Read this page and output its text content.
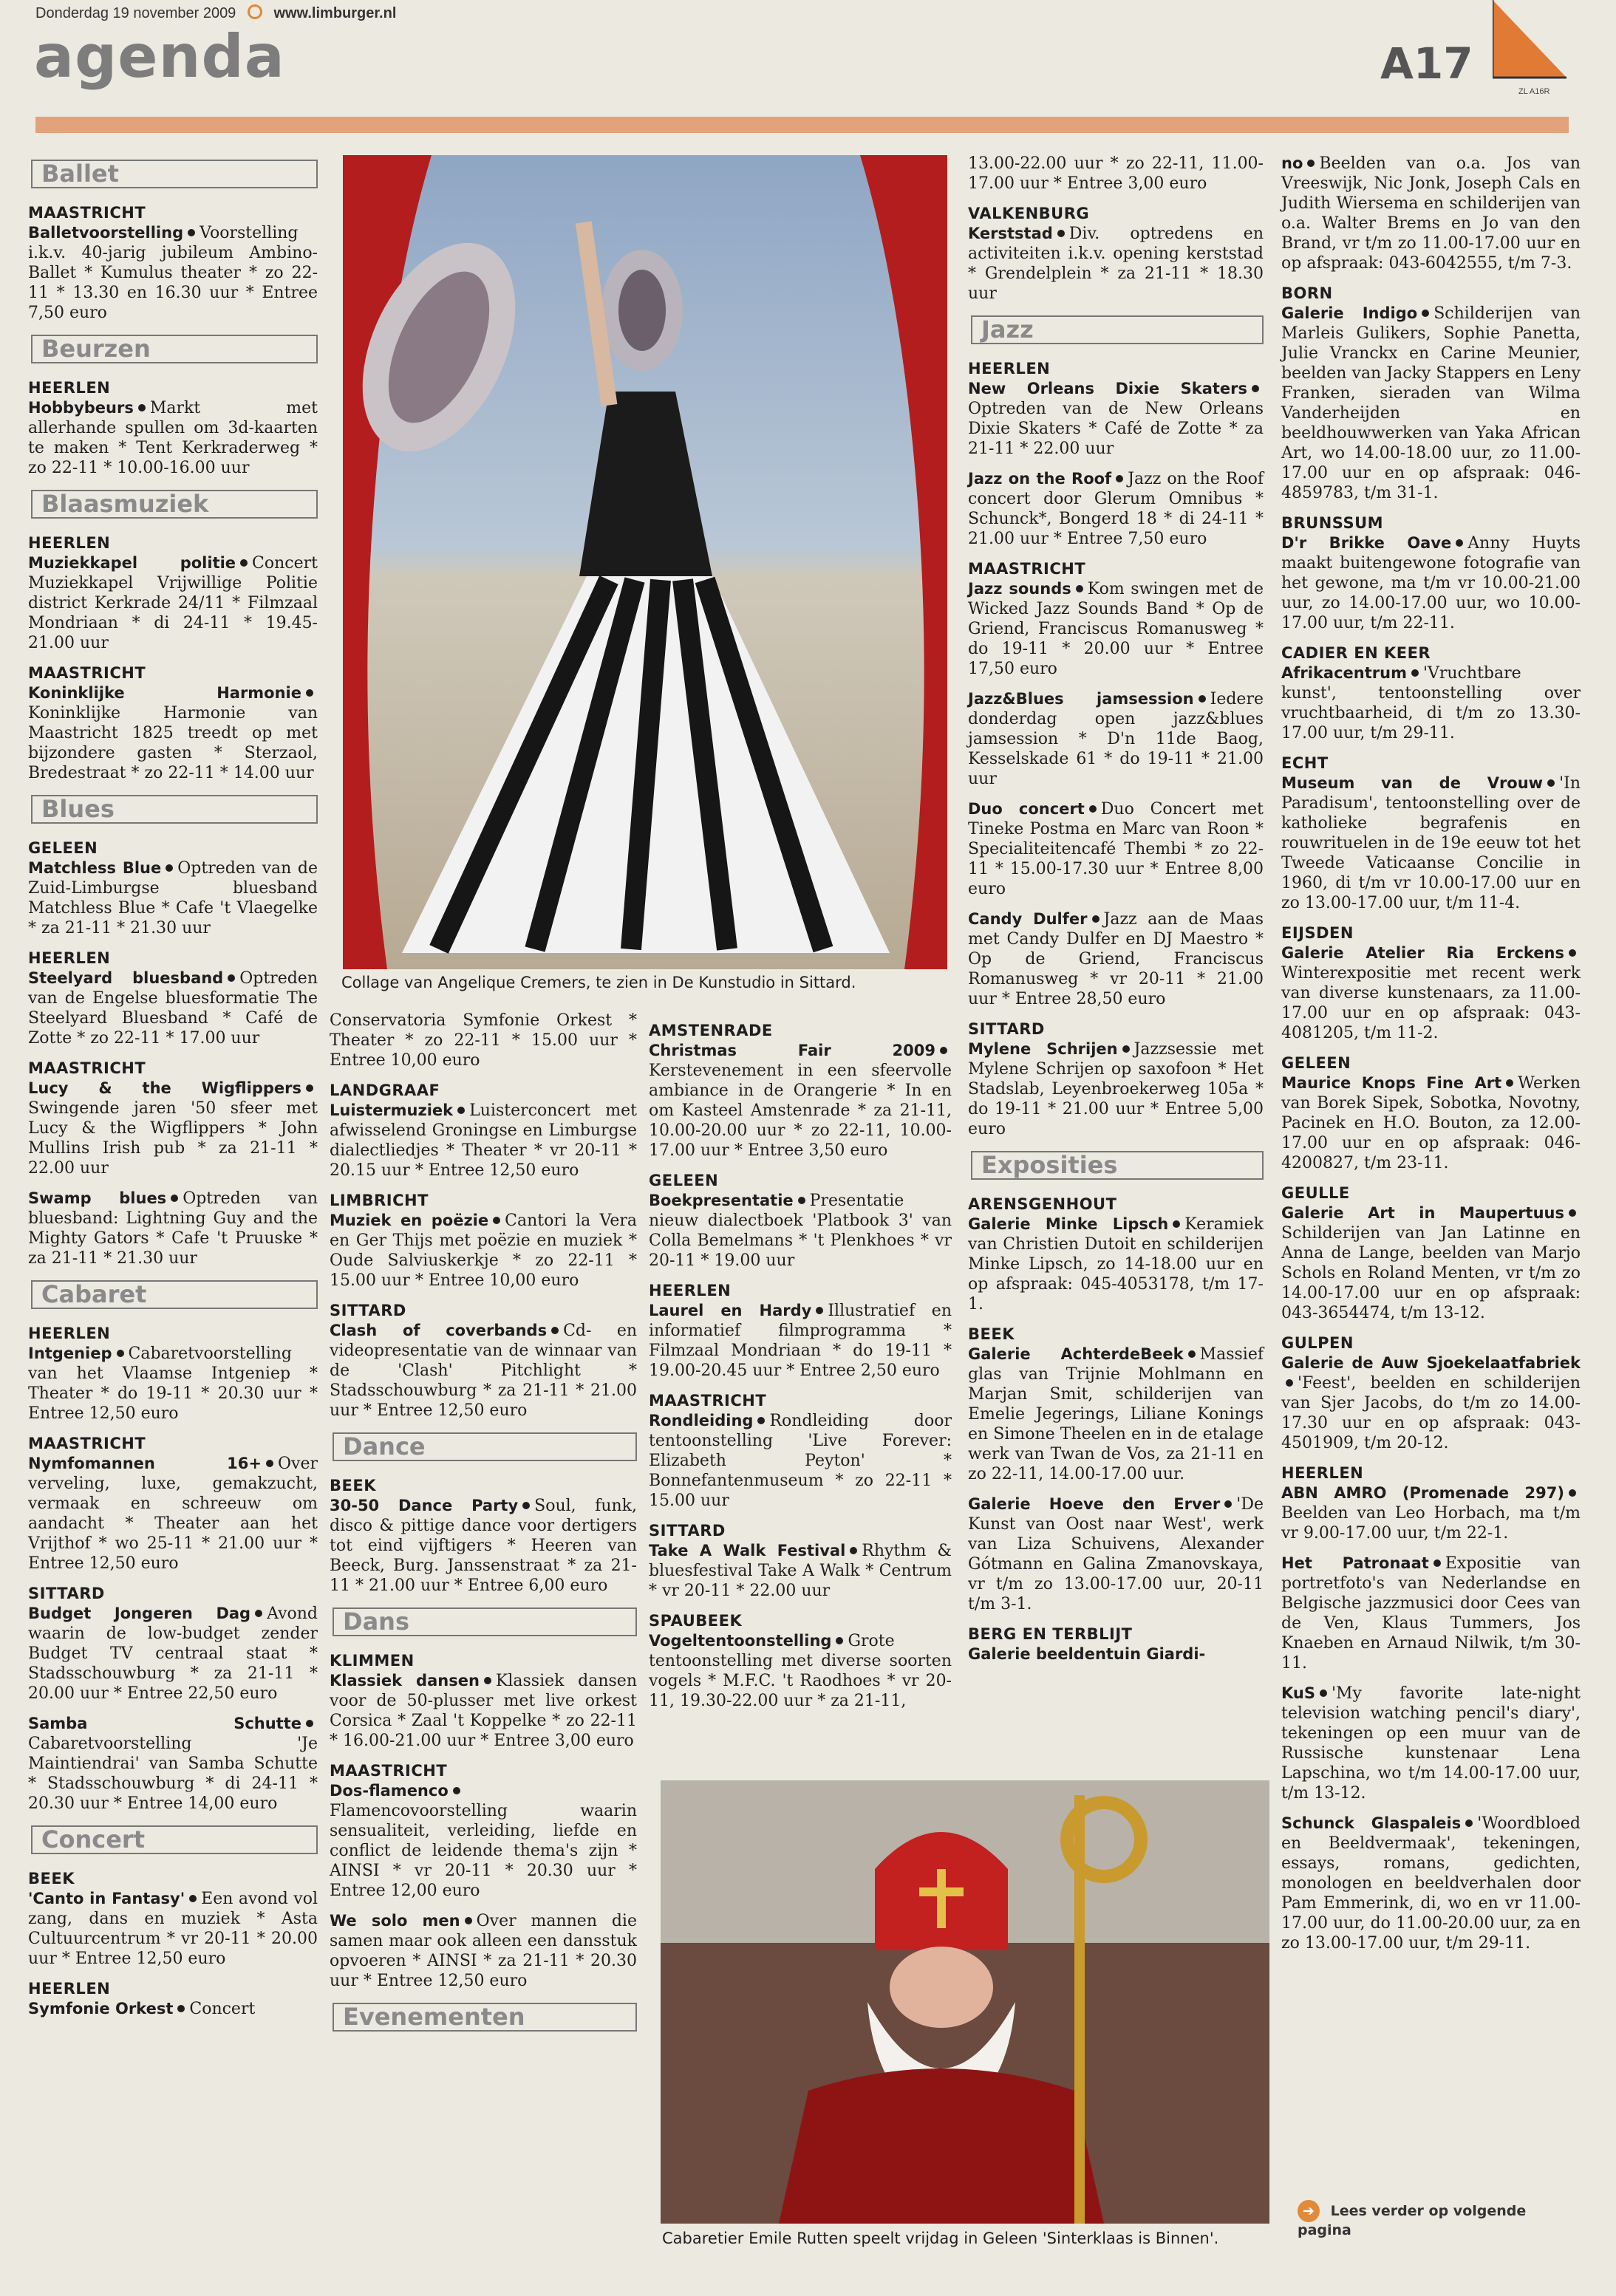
Donderdag 19 november 2009	www.limburger.nl
agenda	A17
ZL A16R
Ballet
MAASTRICHT
Balletvoorstelling Voorstelling i.k.v. 40-jarig jubileum Ambino-Ballet * Kumulus theater * zo 22-11 * 13.30 en 16.30 uur * Entree 7,50 euro
Beurzen
HEERLEN
Hobbybeurs Markt met allerhande spullen om 3d-kaarten te maken * Tent Kerkraderweg * zo 22-11 * 10.00-16.00 uur
Blaasmuziek
HEERLEN
Muziekkapel politie Concert Muziekkapel Vrijwillige Politie district Kerkrade 24/11 * Filmzaal Mondriaan * di 24-11 * 19.45-21.00 uur
MAASTRICHT
Koninklijke HarmonieKoninklijke Harmonie van Maastricht 1825 treedt op met bijzondere gasten * Sterzaol, Bredestraat * zo 22-11 * 14.00 uur
Blues
GELEEN
Matchless Blue Optreden van de Zuid-Limburgse bluesband Matchless Blue * Cafe 't Vlaegelke * za 21-11 * 21.30 uur
HEERLEN
Steelyard bluesband Optreden van de Engelse bluesformatie The Steelyard Bluesband * Café de Zotte * zo 22-11 * 17.00 uur
MAASTRICHT
Lucy & the WigflippersSwingende jaren '50 sfeer met Lucy & the Wigflippers * John Mullins Irish pub * za 21-11 * 22.00 uur
Swamp blues Optreden van bluesband: Lightning Guy and the Mighty Gators * Cafe 't Pruuske * za 21-11 * 21.30 uur
Cabaret
HEERLEN
Intgeniep Cabaretvoorstelling van het Vlaamse Intgeniep * Theater * do 19-11 * 20.30 uur * Entree 12,50 euro
MAASTRICHT
Nymfomannen 16+ Over verveling, luxe, gemakzucht, vermaak en schreeuw om aandacht * Theater aan het Vrijthof * wo 25-11 * 21.00 uur * Entree 12,50 euro
SITTARD
Budget Jongeren Dag Avond waarin de low-budget zender Budget TV centraal staat * Stadsschouwburg * za 21-11 * 20.00 uur * Entree 22,50 euro
Samba SchutteCabaretvoorstelling 'Je Maintiendrai' van Samba Schutte * Stadsschouwburg * di 24-11 * 20.30 uur * Entree 14,00 euro
Concert
BEEK
'Canto in Fantasy' Een avond vol zang, dans en muziek * Asta Cultuurcentrum * vr 20-11 * 20.00 uur * Entree 12,50 euro
HEERLEN
Symfonie Orkest Concert
Collage van Angelique Cremers, te zien in De Kunstudio in Sittard.
Conservatoria Symfonie Orkest * Theater * zo 22-11 * 15.00 uur * Entree 10,00 euro
LANDGRAAF
Luistermuziek Luisterconcert met afwisselend Groningse en Limburgse dialectliedjes * Theater * vr 20-11 * 20.15 uur * Entree 12,50 euro
LIMBRICHT
Muziek en poëzie Cantori la Vera en Ger Thijs met poëzie en muziek * Oude Salviuskerkje * zo 22-11 * 15.00 uur * Entree 10,00 euro
SITTARD
Clash of coverbands Cd- en videopresentatie van de winnaar van de 'Clash' Pitchlight * Stadsschouwburg * za 21-11 * 21.00 uur * Entree 12,50 euro
Dance
BEEK
30-50 Dance Party Soul, funk, disco & pittige dance voor dertigers tot eind vijftigers * Heeren van Beeck, Burg. Janssenstraat * za 21-11 * 21.00 uur * Entree 6,00 euro
Dans
KLIMMEN
Klassiek dansen Klassiek dansen voor de 50-plusser met live orkest Corsica * Zaal 't Koppelke * zo 22-11 * 16.00-21.00 uur * Entree 3,00 euro
MAASTRICHT
Dos-flamencoFlamencovoorstelling waarin sensualiteit, verleiding, liefde en conflict de leidende thema's zijn * AINSI * vr 20-11 * 20.30 uur * Entree 12,00 euro
We solo men Over mannen die samen maar ook alleen een dansstuk opvoeren * AINSI * za 21-11 * 20.30 uur * Entree 12,50 euro
Evenementen
AMSTENRADE
Christmas Fair 2009Kerstevenement in een sfeervolle ambiance in de Orangerie * In en om Kasteel Amstenrade * za 21-11, 10.00-20.00 uur * zo 22-11, 10.00-17.00 uur * Entree 3,50 euro
GELEEN
Boekpresentatie Presentatie nieuw dialectboek 'Platbook 3' van Colla Bemelmans * 't Plenkhoes * vr 20-11 * 19.00 uur
HEERLEN
Laurel en Hardy Illustratief en informatief filmprogramma * Filmzaal Mondriaan * do 19-11 * 19.00-20.45 uur * Entree 2,50 euro
MAASTRICHT
Rondleiding Rondleiding door tentoonstelling 'Live Forever: Elizabeth Peyton' * Bonnefantenmuseum * zo 22-11 * 15.00 uur
SITTARD
Take A Walk Festival Rhythm & bluesfestival Take A Walk * Centrum * vr 20-11 * 22.00 uur
SPAUBEEK
Vogeltentoonstelling Grote tentoonstelling met diverse soorten vogels * M.F.C. 't Raodhoes * vr 20-11, 19.30-22.00 uur * za 21-11,
13.00-22.00 uur * zo 22-11, 11.00-17.00 uur * Entree 3,00 euro
VALKENBURG
Kerststad Div. optredens en activiteiten i.k.v. opening kerststad * Grendelplein * za 21-11 * 18.30 uur
Jazz
HEERLEN
New Orleans Dixie SkatersOptreden van de New Orleans Dixie Skaters * Café de Zotte * za 21-11 * 22.00 uur
Jazz on the Roof Jazz on the Roof concert door Glerum Omnibus * Schunck*, Bongerd 18 * di 24-11 * 21.00 uur * Entree 7,50 euro
MAASTRICHT
Jazz sounds Kom swingen met de Wicked Jazz Sounds Band * Op de Griend, Franciscus Romanusweg * do 19-11 * 20.00 uur * Entree 17,50 euro
Jazz&Blues jamsession Iedere donderdag open jazz&blues jamsession * D'n 11de Baog, Kesselskade 61 * do 19-11 * 21.00 uur
Duo concert Duo Concert met Tineke Postma en Marc van Roon * Specialiteitencafé Thembi * zo 22-11 * 15.00-17.30 uur * Entree 8,00 euro
Candy Dulfer Jazz aan de Maas met Candy Dulfer en DJ Maestro * Op de Griend, Franciscus Romanusweg * vr 20-11 * 21.00 uur * Entree 28,50 euro
SITTARD
Mylene Schrijen Jazzsessie met Mylene Schrijen op saxofoon * Het Stadslab, Leyenbroekerweg 105a * do 19-11 * 21.00 uur * Entree 5,00 euro
Exposities
ARENSGENHOUT
Galerie Minke Lipsch Keramiek van Christien Dutoit en schilderijen Minke Lipsch, zo 14-18.00 uur en op afspraak: 045-4053178, t/m 17-1.
BEEK
Galerie AchterdeBeek Massief glas van Trijnie Mohlmann en Marjan Smit, schilderijen van Emelie Jegerings, Liliane Konings en Simone Theelen en in de etalage werk van Twan de Vos, za 21-11 en zo 22-11, 14.00-17.00 uur.
Galerie Hoeve den Erver 'De Kunst van Oost naar West', werk van Liza Schuivens, Alexander Gótmann en Galina Zmanovskaya, vr t/m zo 13.00-17.00 uur, 20-11 t/m 3-1.
BERG EN TERBLIJT
Galerie beeldentuin Giardi-
no Beelden van o.a. Jos van Vreeswijk, Nic Jonk, Joseph Cals en Judith Wiersema en schilderijen van o.a. Walter Brems en Jo van den Brand, vr t/m zo 11.00-17.00 uur en op afspraak: 043-6042555, t/m 7-3.
BORN
Galerie Indigo Schilderijen van Marleis Gulikers, Sophie Panetta, Julie Vranckx en Carine Meunier, beelden van Jacky Stappers en Leny Franken, sieraden van Wilma Vanderheijden en beeldhouwwerken van Yaka African Art, wo 14.00-18.00 uur, zo 11.00-17.00 uur en op afspraak: 046-4859783, t/m 31-1.
BRUNSSUM
D'r Brikke Oave Anny Huyts maakt buitengewone fotografie van het gewone, ma t/m vr 10.00-21.00 uur, zo 14.00-17.00 uur, wo 10.00-17.00 uur, t/m 22-11.
CADIER EN KEER
Afrikacentrum 'Vruchtbare kunst', tentoonstelling over vruchtbaarheid, di t/m zo 13.30-17.00 uur, t/m 29-11.
ECHT
Museum van de Vrouw 'In Paradisum', tentoonstelling over de katholieke begrafenis en rouwrituelen in de 19e eeuw tot het Tweede Vaticaanse Concilie in 1960, di t/m vr 10.00-17.00 uur en zo 13.00-17.00 uur, t/m 11-4.
EIJSDEN
Galerie Atelier Ria ErckensWinterexpositie met recent werk van diverse kunstenaars, za 11.00-17.00 uur en op afspraak: 043-4081205, t/m 11-2.
GELEEN
Maurice Knops Fine Art Werken van Borek Sipek, Sobotka, Novotny, Pacinek en H.O. Bouton, za 12.00-17.00 uur en op afspraak: 046-4200827, t/m 23-11.
GEULLE
Galerie Art in MaupertuusSchilderijen van Jan Latinne en Anna de Lange, beelden van Marjo Schols en Roland Menten, vr t/m zo 14.00-17.00 uur en op afspraak: 043-3654474, t/m 13-12.
GULPEN
Galerie de Auw Sjoekelaatfabriek'Feest', beelden en schilderijen van Sjer Jacobs, do t/m zo 14.00-17.30 uur en op afspraak: 043-4501909, t/m 20-12.
HEERLEN
ABN AMRO (Promenade 297)Beelden van Leo Horbach, ma t/m vr 9.00-17.00 uur, t/m 22-1.
Het Patronaat Expositie van portretfoto's van Nederlandse en Belgische jazzmusici door Cees van de Ven, Klaus Tummers, Jos Knaeben en Arnaud Nilwik, t/m 30-11.
KuS 'My favorite late-night television watching pencil's diary', tekeningen op een muur van de Russische kunstenaar Lena Lapschina, wo t/m 14.00-17.00 uur, t/m 13-12.
Schunck Glaspaleis 'Woordbloed en Beeldvermaak', tekeningen, essays, romans, gedichten, monologen en beeldverhalen door Pam Emmerink, di, wo en vr 11.00-17.00 uur, do 11.00-20.00 uur, za en zo 13.00-17.00 uur, t/m 29-11.
Cabaretier Emile Rutten speelt vrijdag in Geleen 'Sinterklaas is Binnen'.
➔ Lees verder op volgende pagina
